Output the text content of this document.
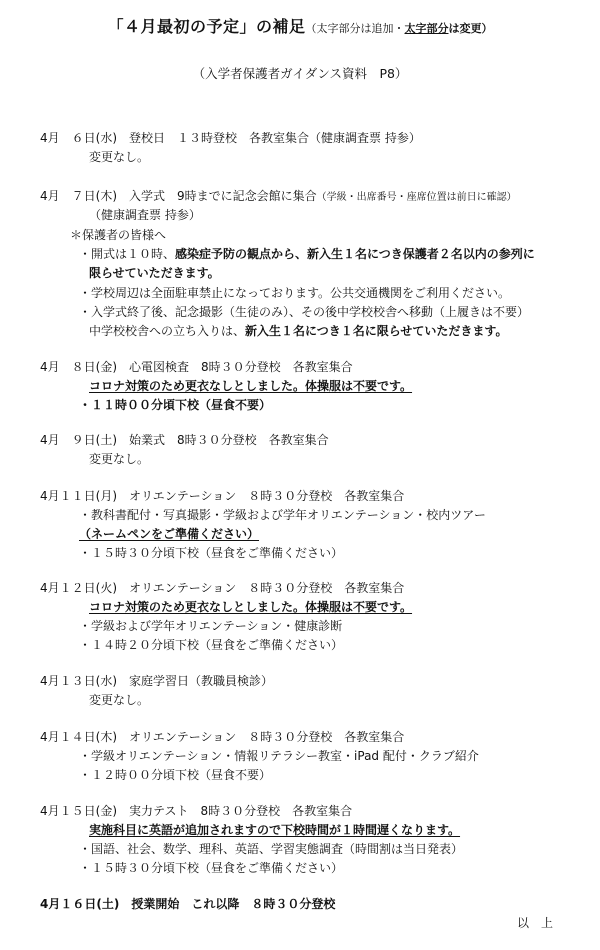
「４月最初の予定」の補足（太字部分は追加・太字部分は変更）
（入学者保護者ガイダンス資料　P8）
4月　６日(水)　登校日　１３時登校　各教室集合（健康調査票 持参）
変更なし。
4月　７日(木)　入学式　9時までに記念会館に集合（学級・出席番号・座席位置は前日に確認）
（健康調査票 持参）
＊保護者の皆様へ
・開式は１０時、感染症予防の観点から、新入生１名につき保護者２名以内の参列に
限らせていただきます。
・学校周辺は全面駐車禁止になっております。公共交通機関をご利用ください。
・入学式終了後、記念撮影（生徒のみ）、その後中学校校舎へ移動（上履きは不要）
中学校校舎への立ち入りは、新入生１名につき１名に限らせていただきます。
4月　８日(金)　心電図検査　8時３０分登校　各教室集合
コロナ対策のため更衣なしとしました。体操服は不要です。
・１１時００分頃下校（昼食不要）
4月　９日(土)　始業式　8時３０分登校　各教室集合
変更なし。
4月１１日(月)　オリエンテーション　８時３０分登校　各教室集合
・教科書配付・写真撮影・学級および学年オリエンテーション・校内ツアー
（ネームペンをご準備ください）
・１５時３０分頃下校（昼食をご準備ください）
4月１２日(火)　オリエンテーション　８時３０分登校　各教室集合
コロナ対策のため更衣なしとしました。体操服は不要です。
・学級および学年オリエンテーション・健康診断
・１４時２０分頃下校（昼食をご準備ください）
4月１３日(水)　家庭学習日（教職員検診）
変更なし。
4月１４日(木)　オリエンテーション　８時３０分登校　各教室集合
・学級オリエンテーション・情報リテラシー教室・iPad 配付・クラブ紹介
・１２時００分頃下校（昼食不要）
4月１５日(金)　実力テスト　8時３０分登校　各教室集合
実施科目に英語が追加されますので下校時間が１時間遅くなります。
・国語、社会、数学、理科、英語、学習実態調査（時間割は当日発表）
・１５時３０分頃下校（昼食をご準備ください）
4月１６日(土)　授業開始　これ以降　８時３０分登校
以　上
